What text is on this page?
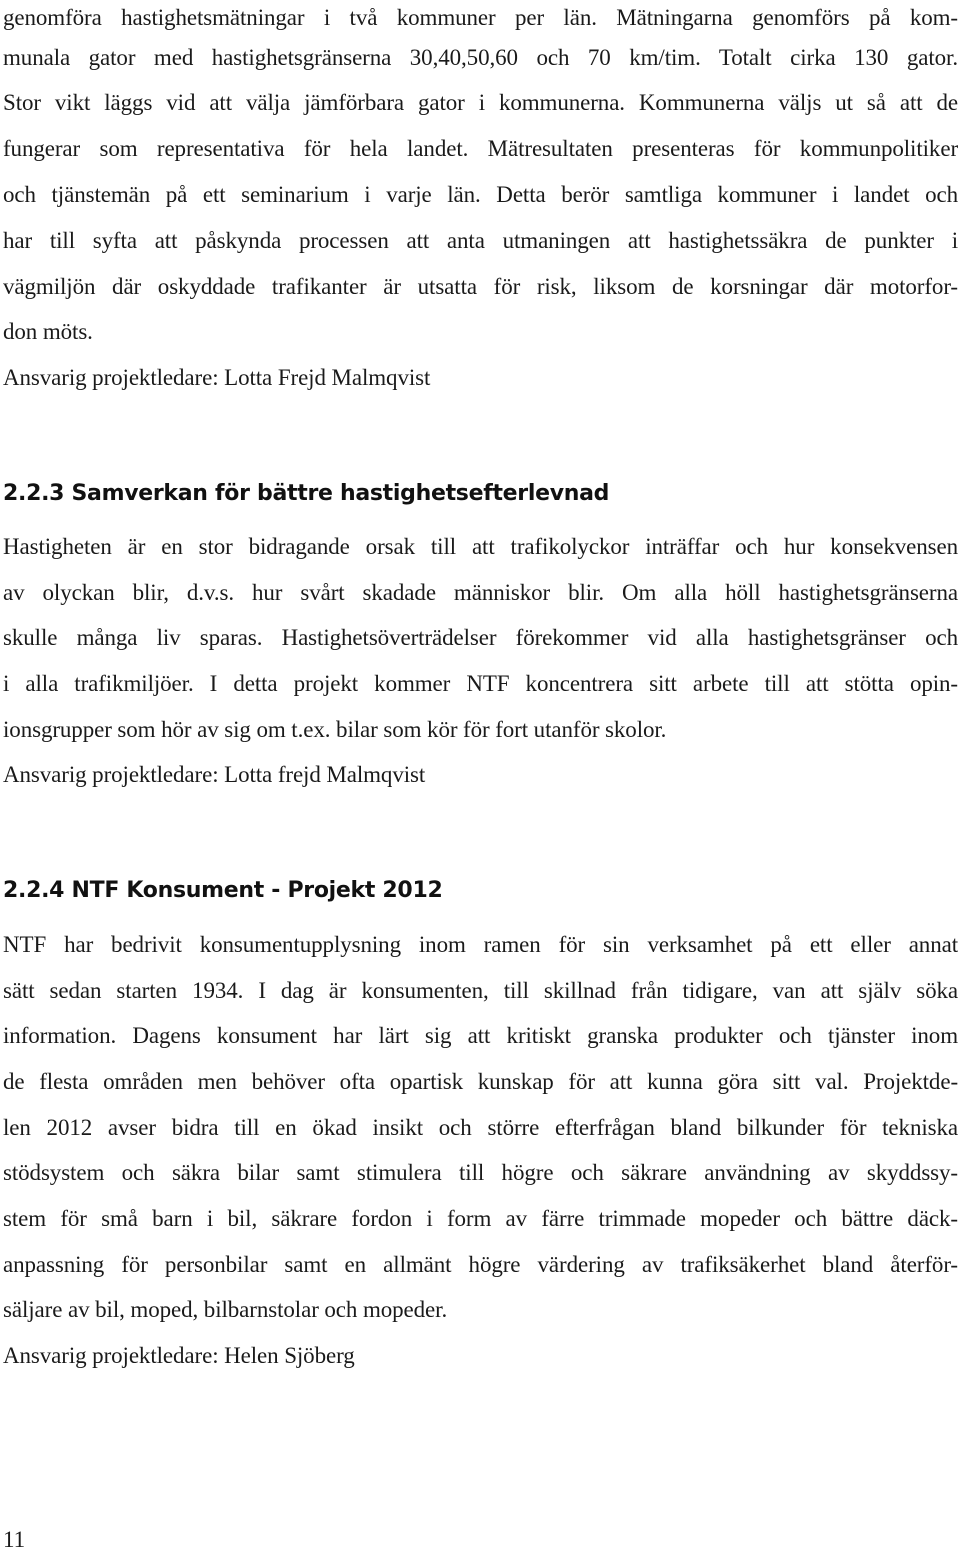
genomföra hastighetsmätningar i två kommuner per län. Mätningarna genomförs på kom-
munala gator med hastighetsgränserna 30,40,50,60 och 70 km/tim. Totalt cirka 130 gator.
Stor vikt läggs vid att välja jämförbara gator i kommunerna. Kommunerna väljs ut så att de
fungerar som representativa för hela landet. Mätresultaten presenteras för kommunpolitiker
och tjänstemän på ett seminarium i varje län. Detta berör samtliga kommuner i landet och
har till syfta att påskynda processen att anta utmaningen att hastighetssäkra de punkter i
vägmiljön där oskyddade trafikanter är utsatta för risk, liksom de korsningar där motorfor-
don möts.
Ansvarig projektledare: Lotta Frejd Malmqvist
2.2.3 Samverkan för bättre hastighetsefterlevnad
Hastigheten är en stor bidragande orsak till att trafikolyckor inträffar och hur konsekvensen
av olyckan blir, d.v.s. hur svårt skadade människor blir. Om alla höll hastighetsgränserna
skulle många liv sparas. Hastighetsöverträdelser förekommer vid alla hastighetsgränser och
i alla trafikmiljöer. I detta projekt kommer NTF koncentrera sitt arbete till att stötta opin-
ionsgrupper som hör av sig om t.ex. bilar som kör för fort utanför skolor.
Ansvarig projektledare: Lotta frejd Malmqvist
2.2.4 NTF Konsument - Projekt 2012
NTF har bedrivit konsumentupplysning inom ramen för sin verksamhet på ett eller annat
sätt sedan starten 1934. I dag är konsumenten, till skillnad från tidigare, van att själv söka
information. Dagens konsument har lärt sig att kritiskt granska produkter och tjänster inom
de flesta områden men behöver ofta opartisk kunskap för att kunna göra sitt val. Projektde-
len 2012 avser bidra till en ökad insikt och större efterfrågan bland bilkunder för tekniska
stödsystem och säkra bilar samt stimulera till högre och säkrare användning av skyddssy-
stem för små barn i bil, säkrare fordon i form av färre trimmade mopeder och bättre däck-
anpassning för personbilar samt en allmänt högre värdering av trafiksäkerhet bland återför-
säljare av bil, moped, bilbarnstolar och mopeder.
Ansvarig projektledare: Helen Sjöberg
11
